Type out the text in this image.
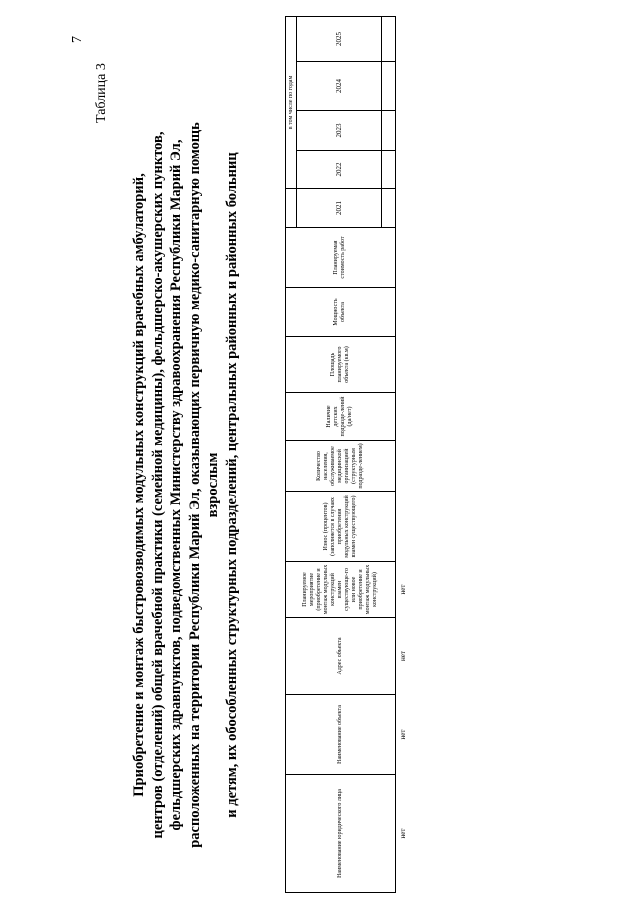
7
Таблица 3
Приобретение и монтаж быстровозводимых модульных конструкций врачебных амбулаторий, центров (отделений) общей врачебной практики (семейной медицины), фельдшерско-акушерских пунктов, фельдшерских здравпунктов, подведомственных Министерству здравоохранения Республики Марий Эл, расположенных на территории Республики Марий Эл, оказывающих первичную медико-санитарную помощь взрослым и детям, их обособленных структурных подразделений, центральных районных и районных больниц
Наименование юридического лица	Наименование объекта	Адрес объекта	Планируемое мероприятие (приобретение и монтаж модульных конструкций взамен существующе-го или новое приобретение и монтаж модульных конструкций)	Износ (процентов) (заполняется в случаях приобретения модульных конструкций взамен существующего)	Количество населения, обслуживаемое медицинской организацией (структурным подразде-лением)	Наличие детских подразде-лений (да/нет)	Площадь планируемого объекта (кв.м)	Мощность объекта	Планируемая стоимость работ		в том числе по годам			
										2021	2022	2023	2024	2025

нет	нет	нет	нет											
